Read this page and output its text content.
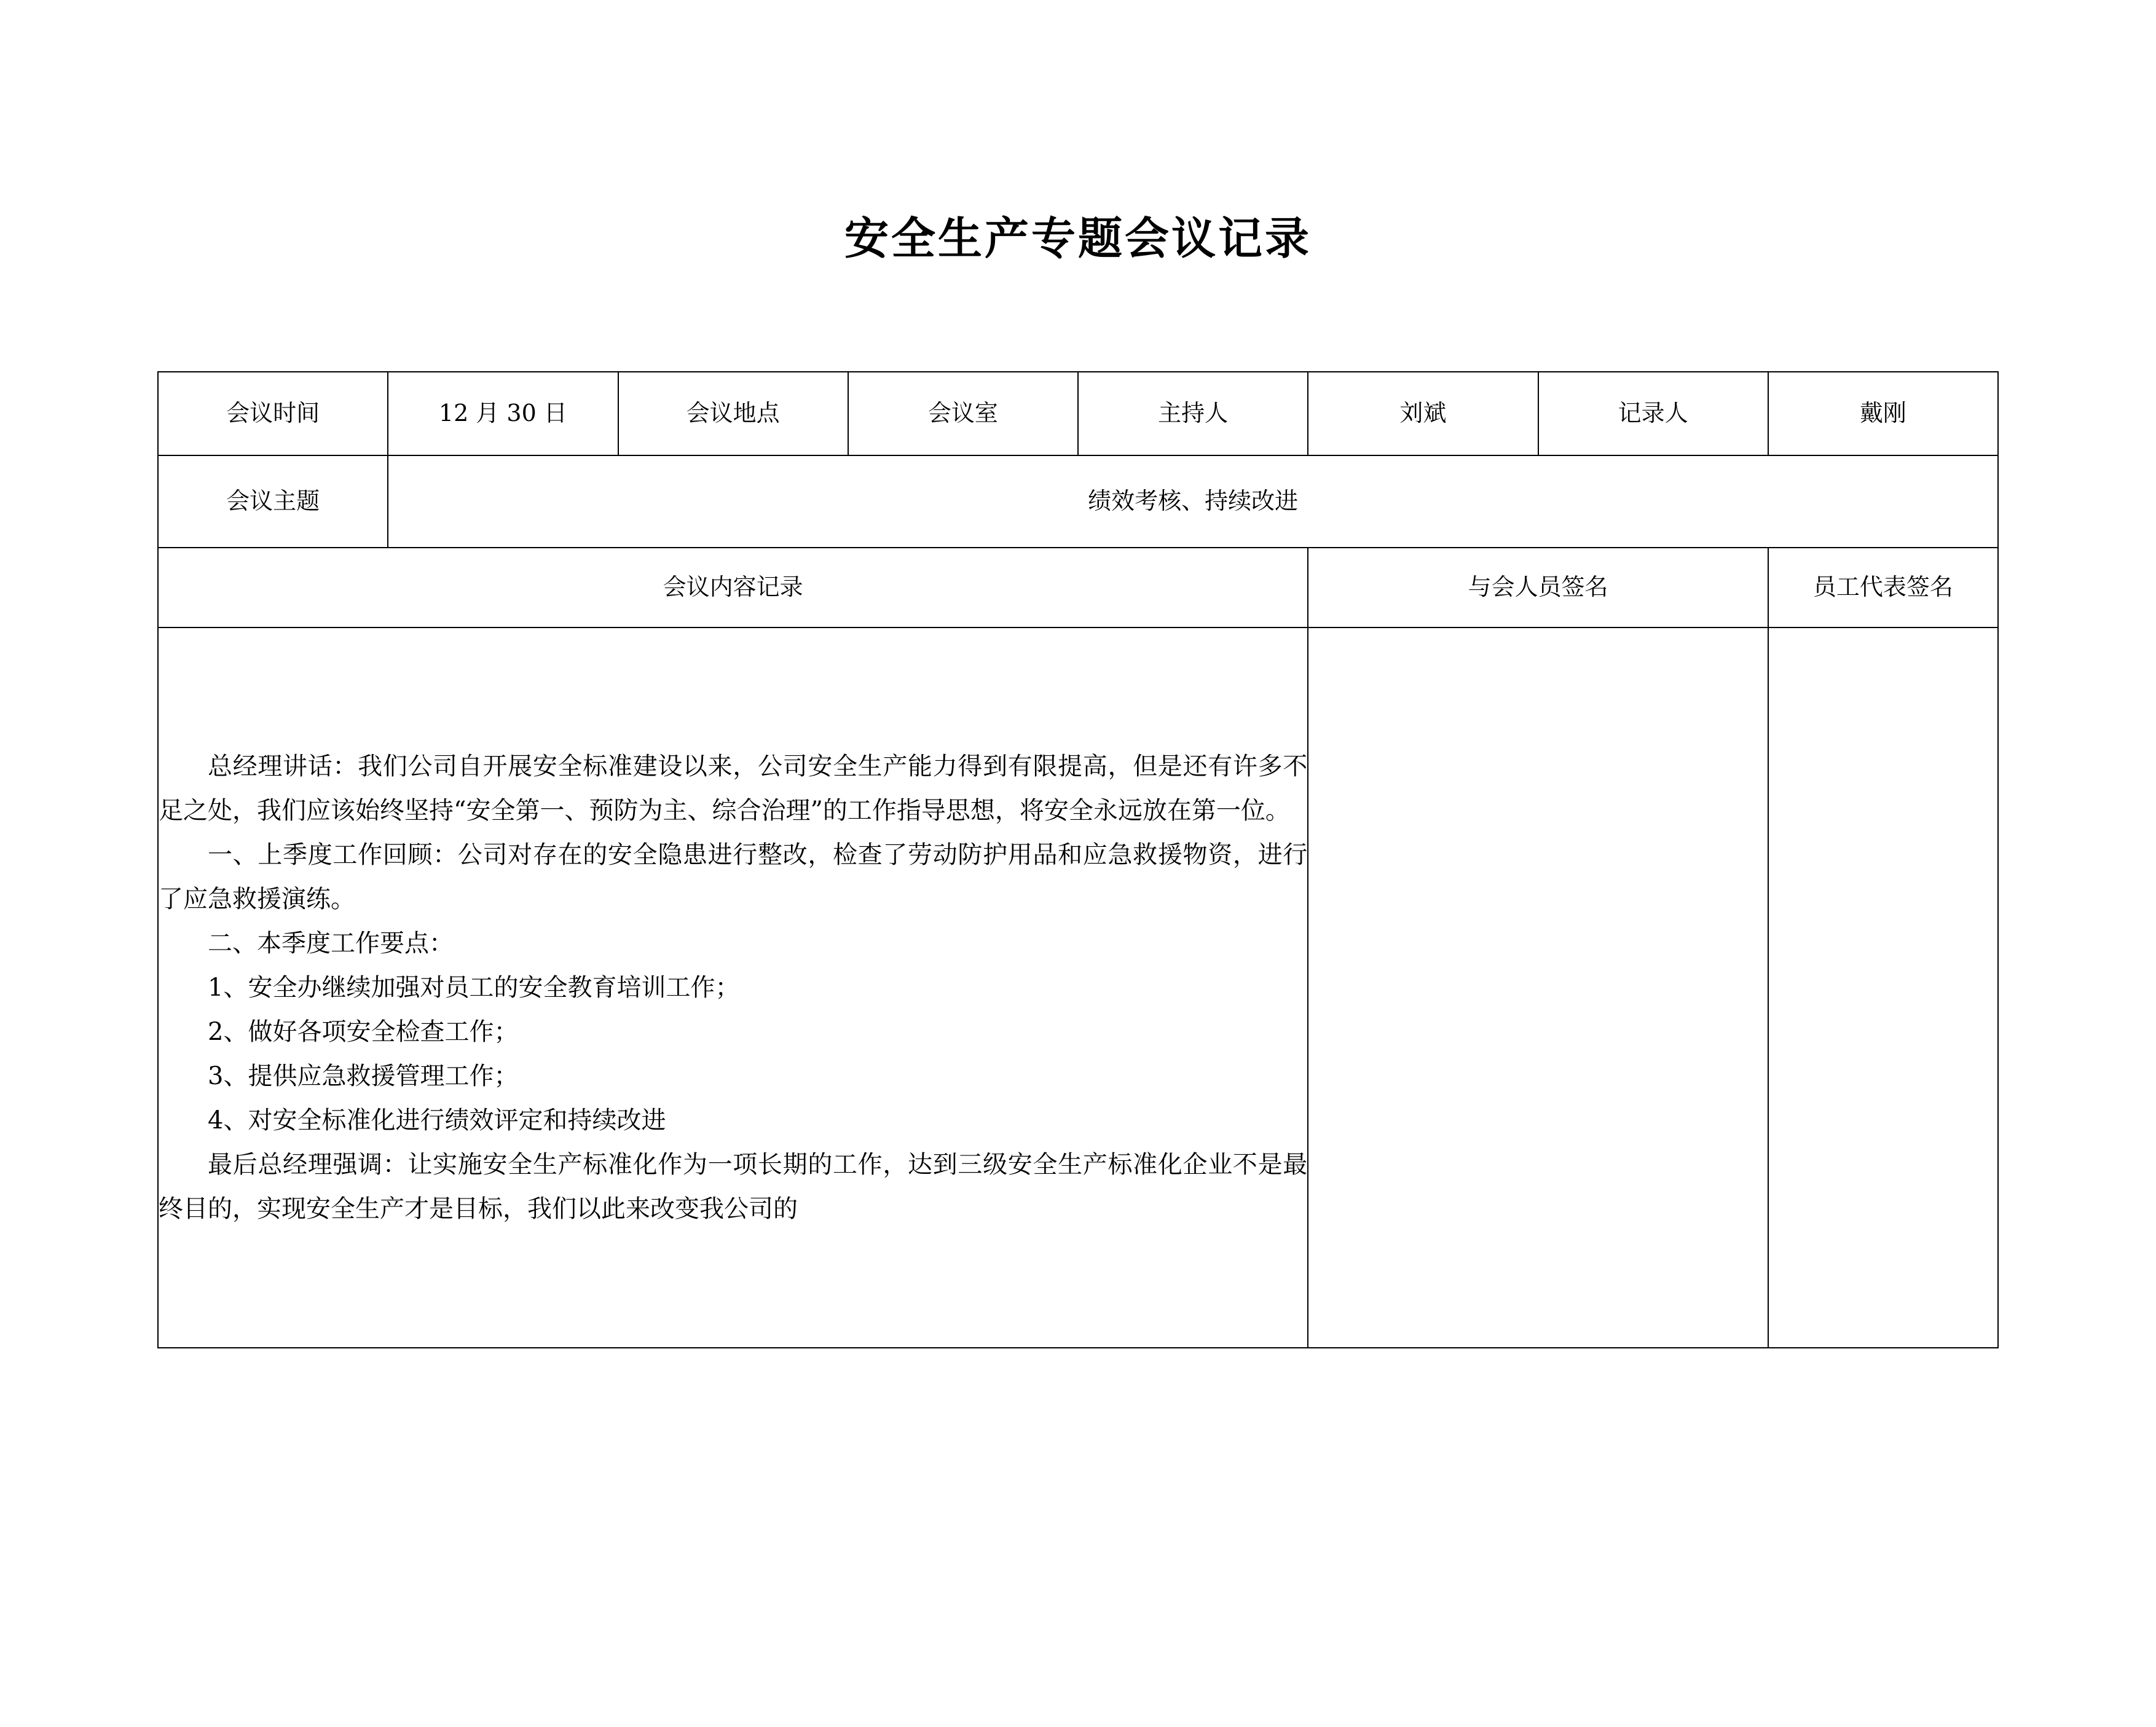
安全生产专题会议记录
会议时间	12 月 30 日	会议地点	会议室	主持人	刘斌	记录人	戴刚
会议主题	绩效考核、持续改进						
会议内容记录					与会人员签名		员工代表签名

总经理讲话：我们公司自开展安全标准建设以来，公司安全生产能力得到有限提高，但是还有许多不足之处，我们应该始终坚持“安全第一、预防为主、综合治理”的工作指导思想，将安全永远放在第一位。

一、上季度工作回顾：公司对存在的安全隐患进行整改，检查了劳动防护用品和应急救援物资，进行了应急救援演练。

二、本季度工作要点：

1、安全办继续加强对员工的安全教育培训工作；

2、做好各项安全检查工作；

3、提供应急救援管理工作；

4、对安全标准化进行绩效评定和持续改进

最后总经理强调：让实施安全生产标准化作为一项长期的工作，达到三级安全生产标准化企业不是最终目的，实现安全生产才是目标，我们以此来改变我公司的
